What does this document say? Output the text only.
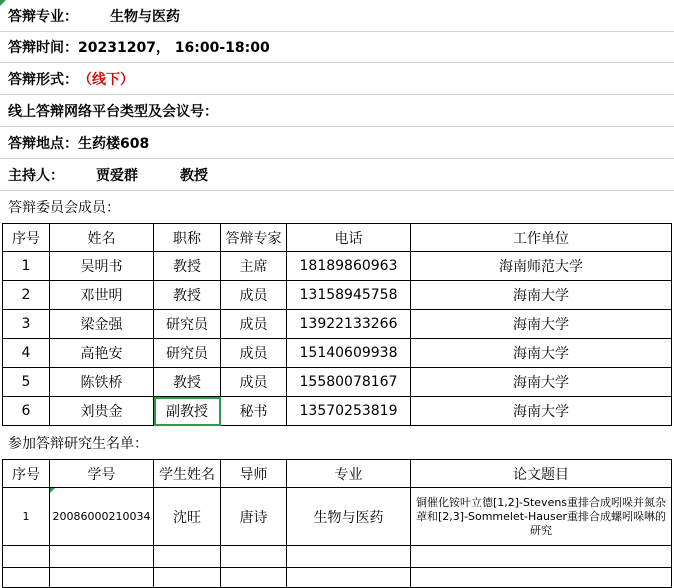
答辩专业： 生物与医药
答辩时间： 20231207， 16:00-18:00
答辩形式： （线下）
线上答辩网络平台类型及会议号：
答辩地点： 生药楼608
主持人： 贾爱群	教授
答辩委员会成员：
序号	姓名	职称	答辩专家	电话	工作单位
1	吴明书	教授	主席	18189860963	海南师范大学
2	邓世明	教授	成员	13158945758	海南大学
3	梁金强	研究员	成员	13922133266	海南大学
4	高艳安	研究员	成员	15140609938	海南大学
5	陈铁桥	教授	成员	15580078167	海南大学
6	刘贵金	副教授	秘书	13570253819	海南大学
参加答辩研究生名单：
序号	学号	学生姓名	导师	专业	论文题目
1	20086000210034	沈旺	唐诗	生物与医药	铜催化铵叶立德[1,2]-Stevens重排合成吲哚并氮杂䓬和[2,3]-Sommelet-Hauser重排合成螺吲哚啉的研究
